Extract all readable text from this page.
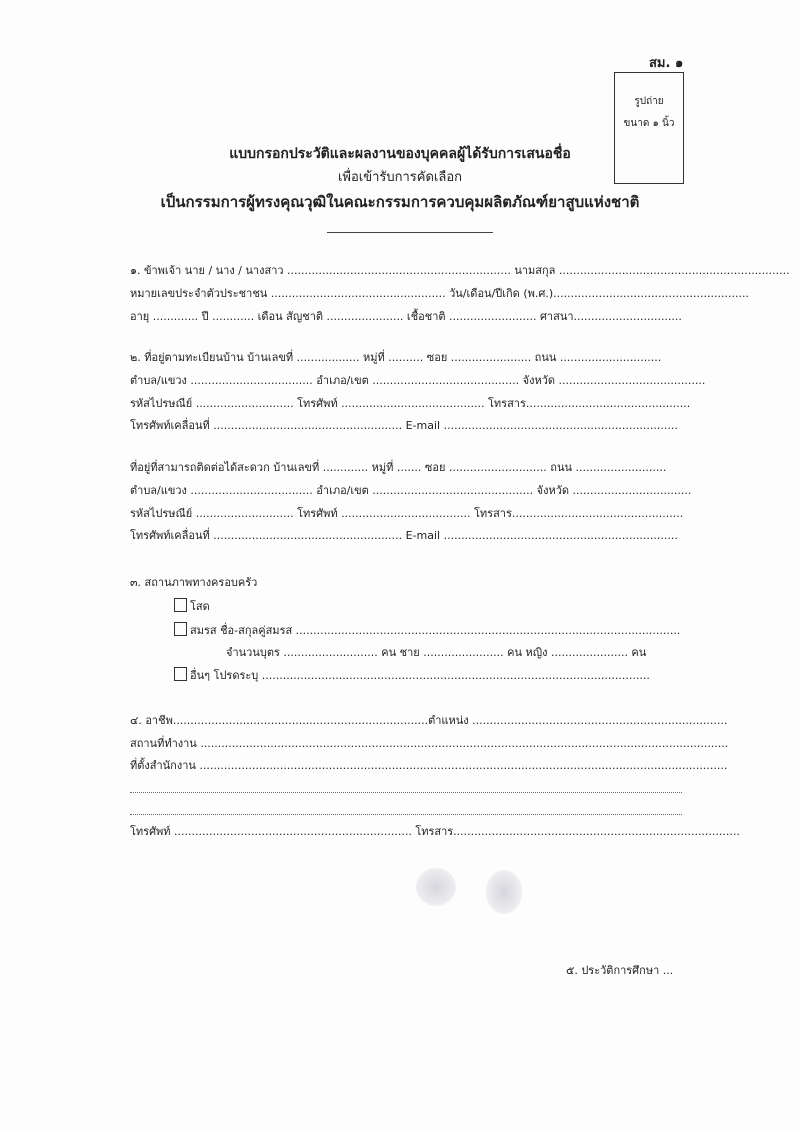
สม. ๑
รูปถ่าย
ขนาด ๑ นิ้ว
แบบกรอกประวัติและผลงานของบุคคลผู้ได้รับการเสนอชื่อ
เพื่อเข้ารับการคัดเลือก
เป็นกรรมการผู้ทรงคุณวุฒิในคณะกรรมการควบคุมผลิตภัณฑ์ยาสูบแห่งชาติ
๑. ข้าพเจ้า นาย / นาง / นางสาว ................................................................ นามสกุล ..................................................................
หมายเลขประจำตัวประชาชน .................................................. วัน/เดือน/ปีเกิด (พ.ศ.)........................................................
อายุ ............. ปี ............ เดือน สัญชาติ ...................... เชื้อชาติ ......................... ศาสนา...............................
๒. ที่อยู่ตามทะเบียนบ้าน บ้านเลขที่ .................. หมู่ที่ .......... ซอย ....................... ถนน .............................
ตำบล/แขวง ................................... อำเภอ/เขต .......................................... จังหวัด ..........................................
รหัสไปรษณีย์ ............................ โทรศัพท์ ......................................... โทรสาร...............................................
โทรศัพท์เคลื่อนที่ ...................................................... E-mail ...................................................................
ที่อยู่ที่สามารถติดต่อได้สะดวก บ้านเลขที่ ............. หมู่ที่ ....... ซอย ............................ ถนน ..........................
ตำบล/แขวง ................................... อำเภอ/เขต .............................................. จังหวัด ..................................
รหัสไปรษณีย์ ............................ โทรศัพท์ ..................................... โทรสาร.................................................
โทรศัพท์เคลื่อนที่ ...................................................... E-mail ...................................................................
๓. สถานภาพทางครอบครัว
โสด
สมรส ชื่อ-สกุลคู่สมรส ..............................................................................................................
จำนวนบุตร ........................... คน ชาย ....................... คน หญิง ...................... คน
อื่นๆ โปรดระบุ ...............................................................................................................
๔. อาชีพ.........................................................................ตำแหน่ง .........................................................................
สถานที่ทำงาน .......................................................................................................................................................
ที่ตั้งสำนักงาน .......................................................................................................................................................
โทรศัพท์ .................................................................... โทรสาร..................................................................................
๕. ประวัติการศึกษา ...
